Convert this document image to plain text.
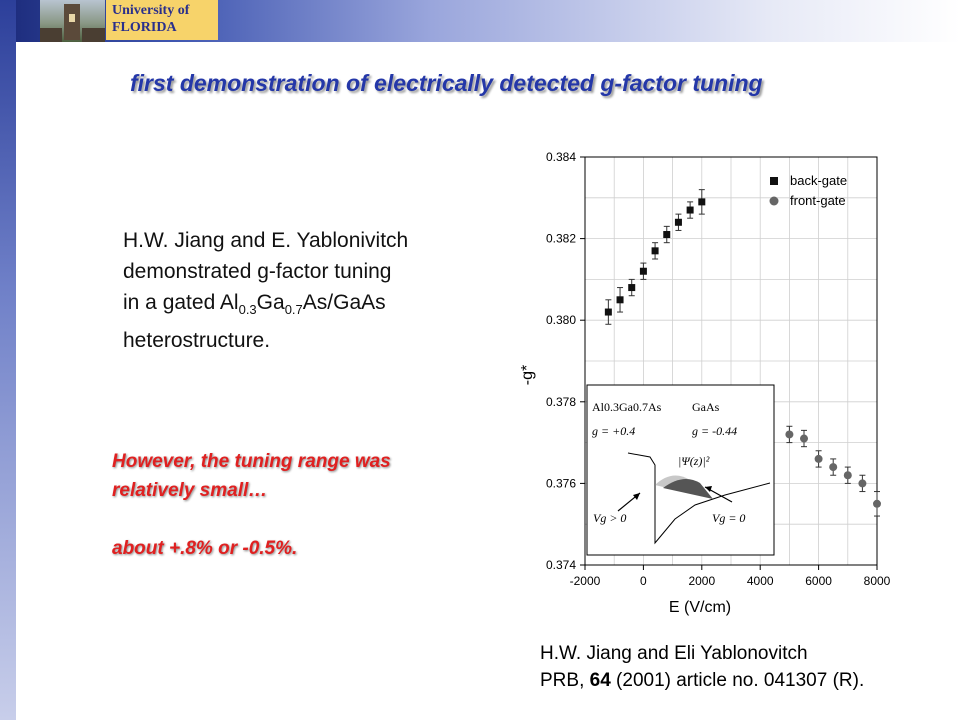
University of
FLORIDA
first demonstration of electrically detected g-factor tuning
H.W. Jiang and E. Yablonivitch
demonstrated g-factor tuning
in a gated $Al_{0.3}Ga_{0.7}As$/GaAs
heterostructure.
However, the tuning range was
relatively small…
about +.8% or -0.5%.
-2000	0	2000	4000	6000	8000
0.374
0.376
0.378
0.380
0.382
0.384
Al0.3Ga0.7As	GaAs
g = +0.4	g = -0.44
|Ψ(z)|²
Vg > 0	Vg = 0
back-gate
front-gate
E (V/cm)
-g*
H.W. Jiang and Eli Yablonovitch
PRB, 64 (2001) article no. 041307 (R).
